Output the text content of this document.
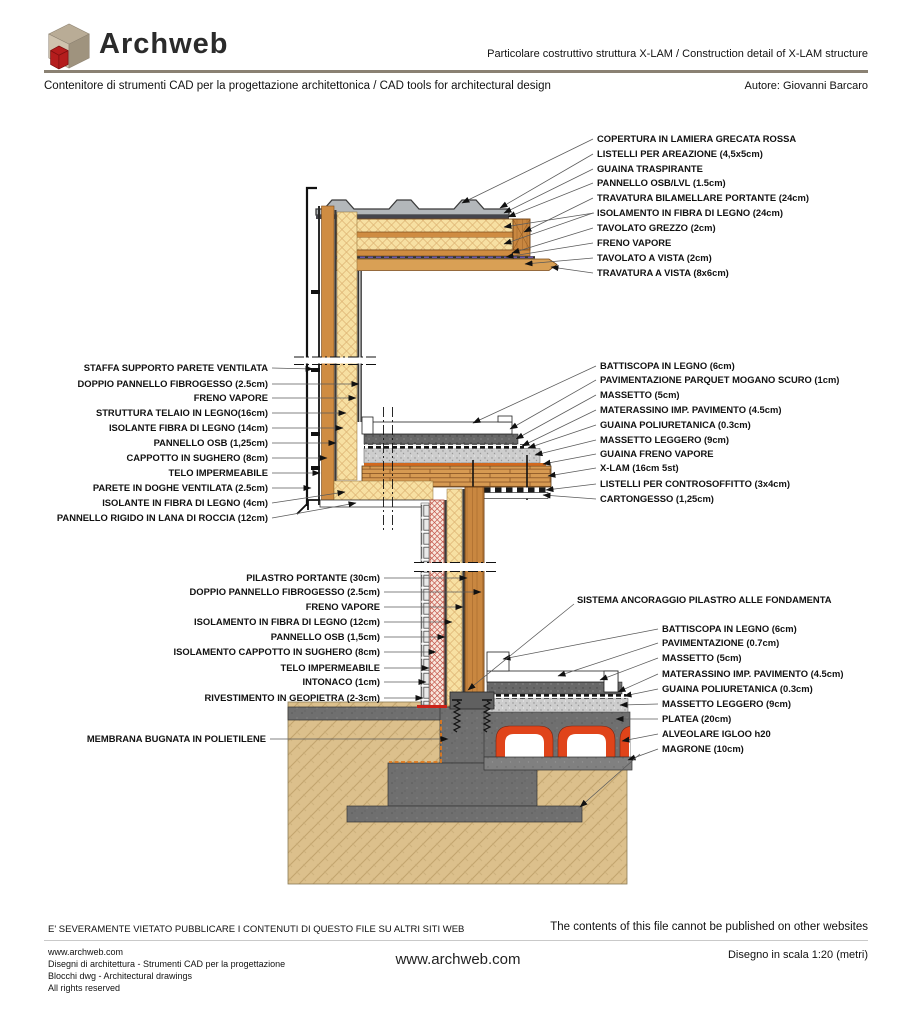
Archweb	Particolare costruttivo struttura X-LAM / Construction detail of X-LAM structure
Contenitore di strumenti CAD per la progettazione architettonica / CAD tools for architectural design	Autore: Giovanni Barcaro
COPERTURA IN LAMIERA GRECATA ROSSA
LISTELLI PER AREAZIONE (4,5x5cm)
GUAINA TRASPIRANTE
PANNELLO OSB/LVL (1.5cm)
TRAVATURA BILAMELLARE PORTANTE (24cm)
ISOLAMENTO IN FIBRA DI LEGNO (24cm)
TAVOLATO GREZZO (2cm)
FRENO VAPORE
TAVOLATO A VISTA (2cm)
TRAVATURA A VISTA (8x6cm)
BATTISCOPA IN LEGNO (6cm)
PAVIMENTAZIONE PARQUET MOGANO SCURO (1cm)
MASSETTO (5cm)
MATERASSINO IMP. PAVIMENTO (4.5cm)
GUAINA POLIURETANICA (0.3cm)
MASSETTO LEGGERO (9cm)
GUAINA FRENO VAPORE
X-LAM (16cm 5st)
LISTELLI PER CONTROSOFFITTO (3x4cm)
CARTONGESSO (1,25cm)
BATTISCOPA IN LEGNO (6cm)
PAVIMENTAZIONE (0.7cm)
MASSETTO (5cm)
MATERASSINO IMP. PAVIMENTO (4.5cm)
GUAINA POLIURETANICA (0.3cm)
MASSETTO LEGGERO (9cm)
PLATEA (20cm)
ALVEOLARE IGLOO h20
MAGRONE (10cm)
STAFFA SUPPORTO PARETE VENTILATA
DOPPIO PANNELLO FIBROGESSO (2.5cm)
FRENO VAPORE
STRUTTURA TELAIO IN LEGNO(16cm)
ISOLANTE FIBRA DI LEGNO (14cm)
PANNELLO OSB (1,25cm)
CAPPOTTO IN SUGHERO (8cm)
TELO IMPERMEABILE
PARETE IN DOGHE VENTILATA (2.5cm)
ISOLANTE IN FIBRA DI LEGNO (4cm)
PANNELLO RIGIDO IN LANA DI ROCCIA (12cm)
PILASTRO PORTANTE (30cm)
DOPPIO PANNELLO FIBROGESSO (2.5cm)
FRENO VAPORE
ISOLAMENTO IN FIBRA DI LEGNO (12cm)
PANNELLO OSB (1,5cm)
ISOLAMENTO CAPPOTTO IN SUGHERO (8cm)
TELO IMPERMEABILE
INTONACO (1cm)
RIVESTIMENTO IN GEOPIETRA (2-3cm)
MEMBRANA BUGNATA IN POLIETILENE
SISTEMA ANCORAGGIO PILASTRO ALLE FONDAMENTA
E' SEVERAMENTE VIETATO PUBBLICARE I CONTENUTI DI QUESTO FILE SU ALTRI SITI WEB	The contents of this file cannot be published on other websites
www.archweb.com
Disegni di architettura - Strumenti CAD per la progettazione
Blocchi dwg - Architectural drawings
All rights reserved
www.archweb.com	Disegno in scala 1:20 (metri)
